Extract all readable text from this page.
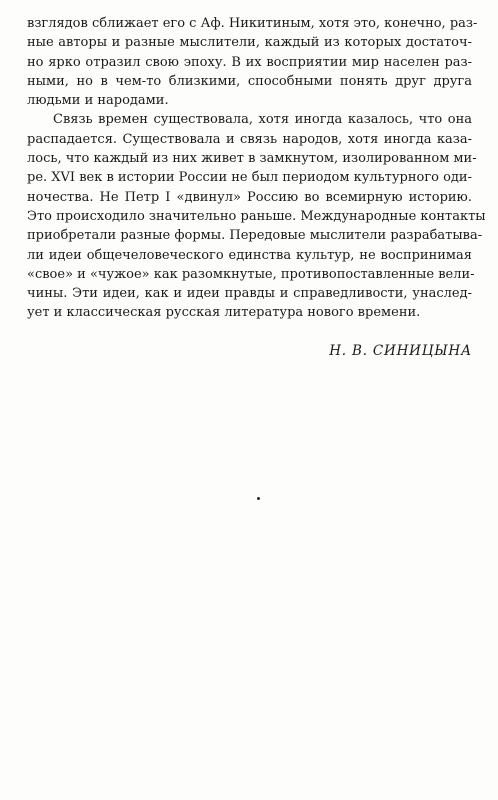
взглядов сближает его с Аф. Никитиным, хотя это, конечно, раз-
ные авторы и разные мыслители, каждый из которых достаточ-
но ярко отразил свою эпоху. В их восприятии мир населен раз-
ными, но в чем-то близкими, способными понять друг друга
людьми и народами.

Связь времен существовала, хотя иногда казалось, что она
распадается. Существовала и связь народов, хотя иногда каза-
лось, что каждый из них живет в замкнутом, изолированном ми-
ре. XVI век в истории России не был периодом культурного оди-
ночества. Не Петр I «двинул» Россию во всемирную историю.
Это происходило значительно раньше. Международные контакты
приобретали разные формы. Передовые мыслители разрабатыва-
ли идеи общечеловеческого единства культур, не воспринимая
«свое» и «чужое» как разомкнутые, противопоставленные вели-
чины. Эти идеи, как и идеи правды и справедливости, унаслед-
ует и классическая русская литература нового времени.

Н. В. СИНИЦЫНА
